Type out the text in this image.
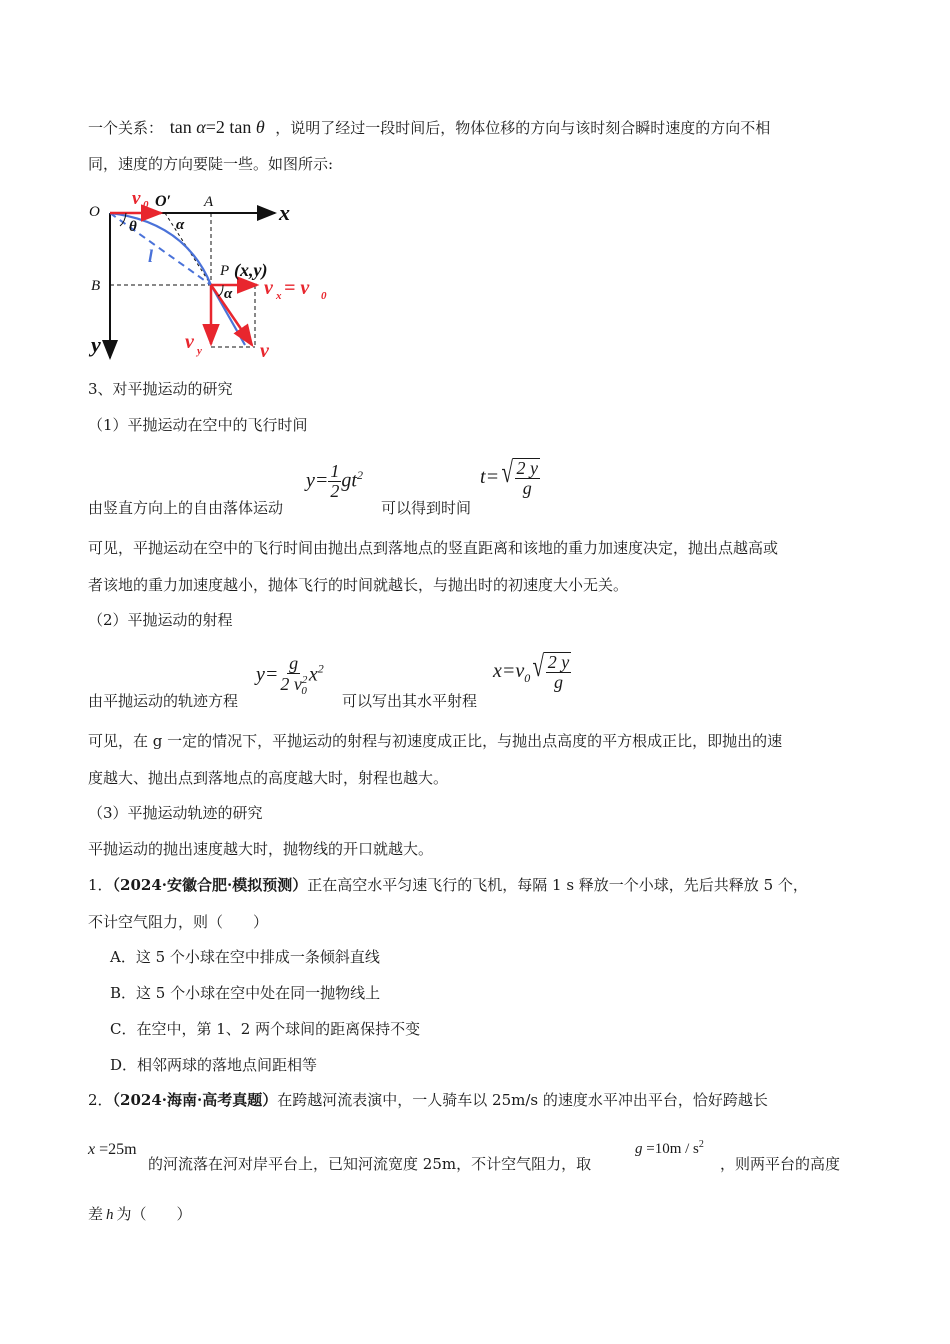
一个关系： tan α=2 tan θ ，说明了经过一段时间后，物体位移的方向与该时刻合瞬时速度的方向不相
同，速度的方向要陡一些。如图所示:
O
v 0 O′ A	x
θ	α
l
P (x,y)
B	α v x = v 0
v y	v
y
3、对平抛运动的研究
（1）平抛运动在空中的飞行时间
由竖直方向上的自由落体运动
$y= \frac{1}{2} gt^2$
可以得到时间
t= √ $\frac{2 y}{g}$
可见，平抛运动在空中的飞行时间由抛出点到落地点的竖直距离和该地的重力加速度决定，抛出点越高或
者该地的重力加速度越小，抛体飞行的时间就越长，与抛出时的初速度大小无关。
（2）平抛运动的射程
由平抛运动的轨迹方程
$y= \frac{g}{2 v^2_0} x^2$
可以写出其水平射程
$x=v_0$ √ $\frac{2 y}{g}$
可见，在 g 一定的情况下，平抛运动的射程与初速度成正比，与抛出点高度的平方根成正比，即抛出的速
度越大、抛出点到落地点的高度越大时，射程也越大。
（3）平抛运动轨迹的研究
平抛运动的抛出速度越大时，抛物线的开口就越大。
1．（2024·安徽合肥·模拟预测）正在高空水平匀速飞行的飞机，每隔 1 s 释放一个小球，先后共释放 5 个，
不计空气阻力，则（　　）
A．这 5 个小球在空中排成一条倾斜直线
B．这 5 个小球在空中处在同一抛物线上
C．在空中，第 1、2 两个球间的距离保持不变
D．相邻两球的落地点间距相等
2．（2024·海南·高考真题）在跨越河流表演中，一人骑车以 25m/s 的速度水平冲出平台，恰好跨越长
x =25m
的河流落在河对岸平台上，已知河流宽度 25m，不计空气阻力，取
$g =10m / s^2$
，则两平台的高度
差 h 为（　　）
